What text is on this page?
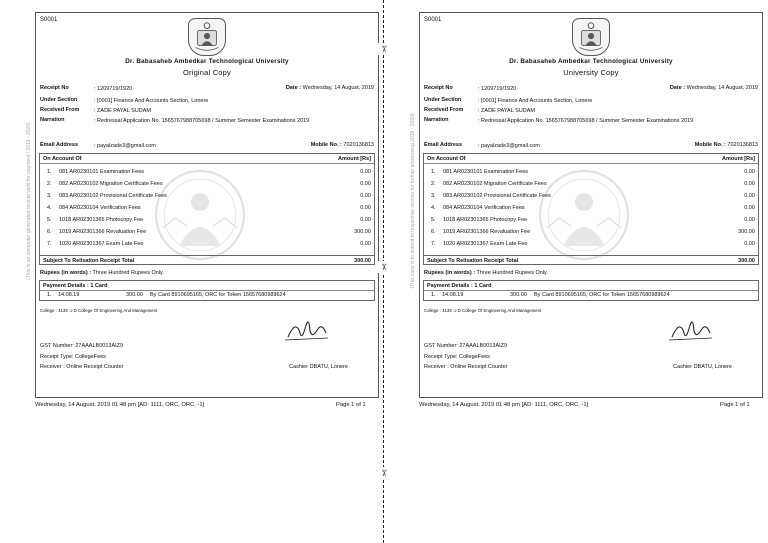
(This is an computer generated receipt valid for payment / 2019 - 2020)
S0001
Dr. Babasaheb Ambedkar Technological University
Original Copy
Receipt No	: 1209719/1920	Date : Wednesday, 14 August, 2019
Under Section	: [0001] Finance And Accounts Section, Lonere
Received From	: ZADE PAYAL SUDAM
Narration	: Redressal Application No. 1565767988705698 / Summer Semester Examinations 2019
Email Address	: payalzade3@gmail.com	Mobile No. : 7020136813
On Account Of	Amount [Rs]
1.	081 AR0230101 Examination Fees	0.00
2.	082 AR0230102 Migration Certificate Fees	0.00
3.	083 AR0230102 Provisional Certificate Fees	0.00
4.	084 AR0230104 Verification Fees	0.00
5.	1018 AR02301365 Photocopy Fee	0.00
6.	1019 AR02301366 Revaluation Fee	300.00
7.	1020 AR02301367 Exam Late Fee	0.00
Subject To Relisation Receipt Total	300.00
Rupees (in words) : Three Hundred Rupees Only.
Payment Details : 1 Card
1. 14.08.19	300.00 By Card 8910695165, ORC for Token 15657680989624
College : 4138 -J D College Of Engineering And Management
GST Number: 27AAALB0013AIZ9
Receipt Type: CollegeFees
Receiver : Online Receipt Counter	Cashier DBATU, Lonere
(This copy is to submit to respective section for further processing 2019 - 2020)
S0001
Dr. Babasaheb Ambedkar Technological University
University Copy
Receipt No	: 1209719/1920	Date : Wednesday, 14 August, 2019
Under Section	: [0001] Finance And Accounts Section, Lonere
Received From	: ZADE PAYAL SUDAM
Narration	: Redressal Application No. 1565767988705698 / Summer Semester Examinations 2019
Email Address	: payalzade3@gmail.com	Mobile No. : 7020136813
On Account Of	Amount [Rs]
1.	081 AR0230101 Examination Fees	0.00
2.	082 AR0230102 Migration Certificate Fees	0.00
3.	083 AR0230102 Provisional Certificate Fees	0.00
4.	084 AR0230104 Verification Fees	0.00
5.	1018 AR02301365 Photocopy Fee	0.00
6.	1019 AR02301366 Revaluation Fee	300.00
7.	1020 AR02301367 Exam Late Fee	0.00
Subject To Relisation Receipt Total	300.00
Rupees (in words) : Three Hundred Rupees Only.
Payment Details : 1 Card
1. 14.08.19	300.00 By Card 8910695165, ORC for Token 15657680989624
College : 4138 -J D College Of Engineering And Management
GST Number: 27AAALB0013AIZ9
Receipt Type: CollegeFees
Receiver : Online Receipt Counter	Cashier DBATU, Lonere
Wednesday, 14 August, 2019 01:48 pm [AD: 1111, ORC, ORC, -1]	Page 1 of 1	Wednesday, 14 August, 2019 01:48 pm [AD: 1111, ORC, ORC, -1]	Page 1 of 1
✂
✂
✂
